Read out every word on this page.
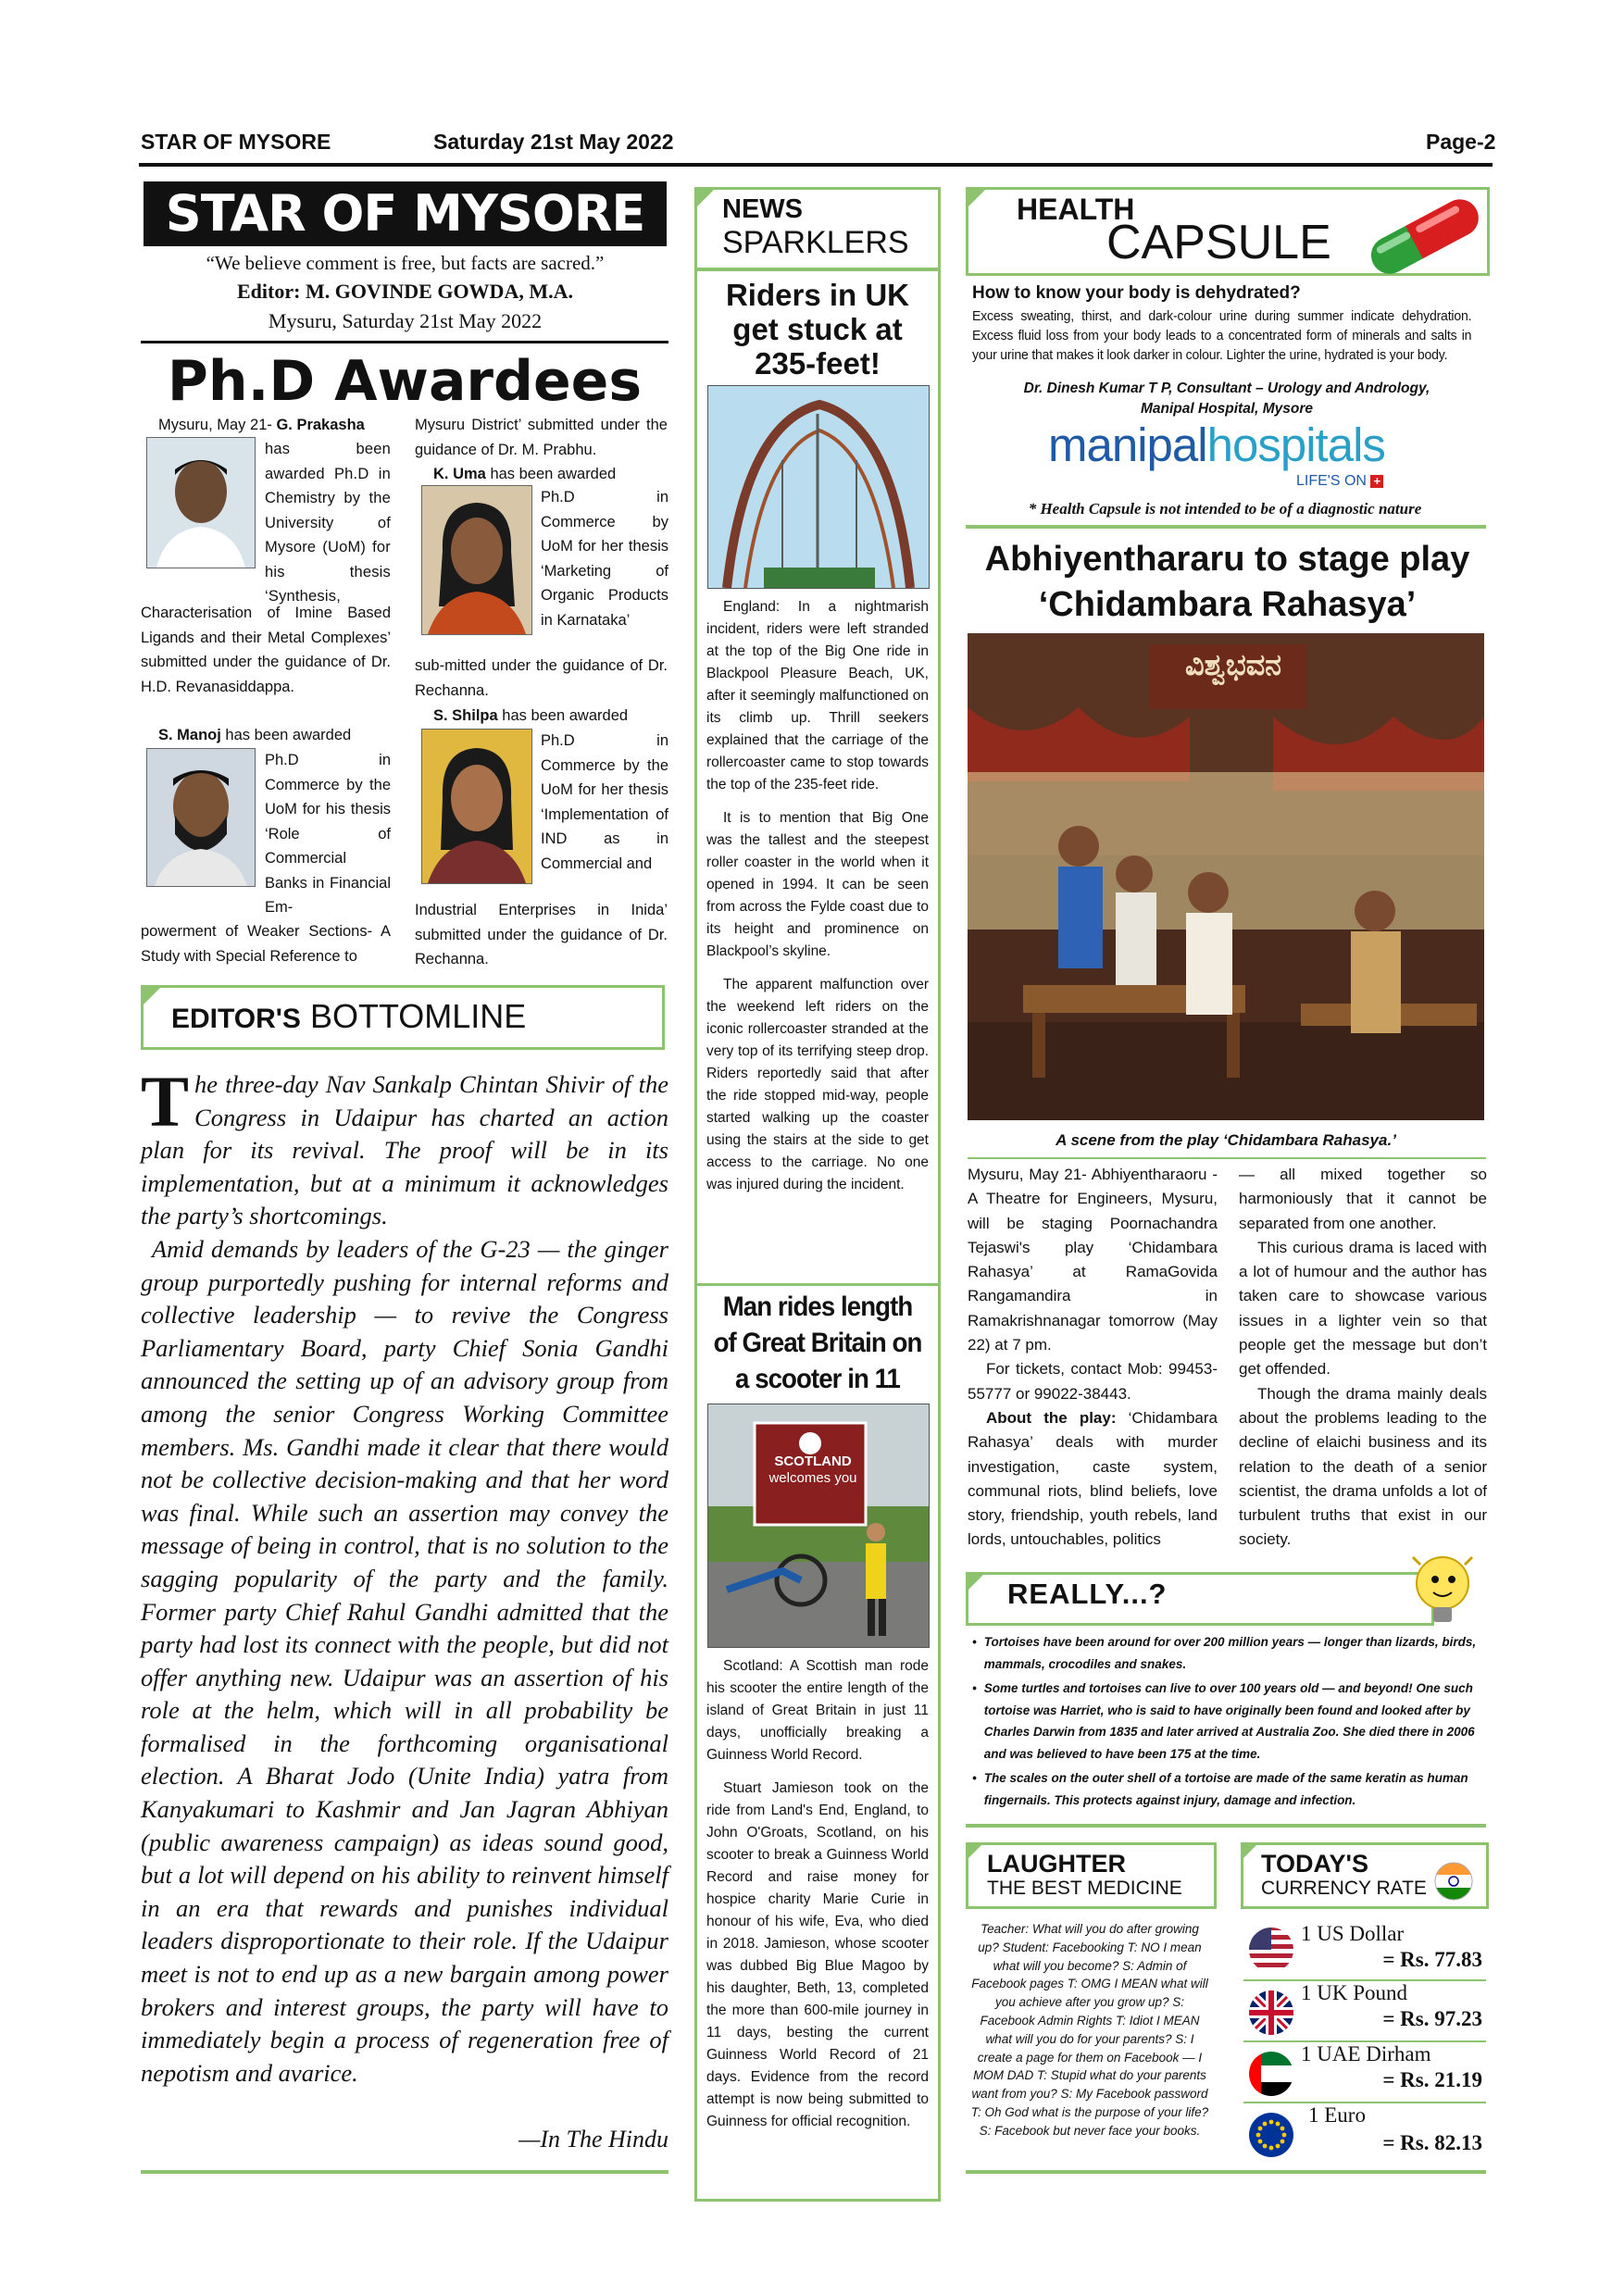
STAR OF MYSORE	Saturday 21st May 2022	Page-2
STAR OF MYSORE
“We believe comment is free, but facts are sacred.”
Editor: M. GOVINDE GOWDA, M.A.
Mysuru, Saturday 21st May 2022
Ph.D Awardees
Mysuru, May 21- G. Prakasha
has been awarded Ph.D in Chemistry by the University of Mysore (UoM) for his thesis ‘Synthesis,
Characterisation of Imine Based Ligands and their Metal Complexes’ submitted under the guidance of Dr. H.D. Revanasiddappa.
S. Manoj has been awarded
Ph.D in Commerce by the UoM for his thesis ‘Role of Commercial Banks in Financial Em-
powerment of Weaker Sections- A Study with Special Reference to
Mysuru District’ submitted under the guidance of Dr. M. Prabhu.
K. Uma has been awarded
Ph.D in Commerce by UoM for her thesis ‘Marketing of Organic Products in Karnataka’
sub-mitted under the guidance of Dr. Rechanna.
S. Shilpa has been awarded
Ph.D in Commerce by the UoM for her thesis ‘Implementation of IND as in Commercial and
Industrial Enterprises in Inida’ submitted under the guidance of Dr. Rechanna.
EDITOR'S BOTTOMLINE

The three-day Nav Sankalp Chintan Shivir of the Congress in Udaipur has charted an action plan for its revival. The proof will be in its implementation, but at a minimum it acknowledges the party’s shortcomings.

Amid demands by leaders of the G-23 — the ginger group purportedly pushing for internal reforms and collective leadership — to revive the Congress Parliamentary Board, party Chief Sonia Gandhi announced the setting up of an advisory group from among the senior Congress Working Committee members. Ms. Gandhi made it clear that there would not be collective decision-making and that her word was final. While such an assertion may convey the message of being in control, that is no solution to the sagging popularity of the party and the family. Former party Chief Rahul Gandhi admitted that the party had lost its connect with the people, but did not offer anything new. Udaipur was an assertion of his role at the helm, which will in all probability be formalised in the forthcoming organisational election. A Bharat Jodo (Unite India) yatra from Kanyakumari to Kashmir and Jan Jagran Abhiyan (public awareness campaign) as ideas sound good, but a lot will depend on his ability to reinvent himself in an era that rewards and punishes individual leaders disproportionate to their role. If the Udaipur meet is not to end up as a new bargain among power brokers and interest groups, the party will have to immediately begin a process of regeneration free of nepotism and avarice.

—In The Hindu
NEWS
SPARKLERS
Riders in UK get stuck at 235-feet!

England: In a nightmarish incident, riders were left stranded at the top of the Big One ride in Blackpool Pleasure Beach, UK, after it seemingly malfunctioned on its climb up. Thrill seekers explained that the carriage of the rollercoaster came to stop towards the top of the 235-feet ride.

It is to mention that Big One was the tallest and the steepest roller coaster in the world when it opened in 1994. It can be seen from across the Fylde coast due to its height and prominence on Blackpool’s skyline.

The apparent malfunction over the weekend left riders on the iconic rollercoaster stranded at the very top of its terrifying steep drop. Riders reportedly said that after the ride stopped mid-way, people started walking up the coaster using the stairs at the side to get access to the carriage. No one was injured during the incident.

Man rides length of Great Britain on a scooter in 11
SCOTLAND
welcomes you

Scotland: A Scottish man rode his scooter the entire length of the island of Great Britain in just 11 days, unofficially breaking a Guinness World Record.

Stuart Jamieson took on the ride from Land's End, England, to John O'Groats, Scotland, on his scooter to break a Guinness World Record and raise money for hospice charity Marie Curie in honour of his wife, Eva, who died in 2018. Jamieson, whose scooter was dubbed Big Blue Magoo by his daughter, Beth, 13, completed the more than 600-mile journey in 11 days, besting the current Guinness World Record of 21 days. Evidence from the record attempt is now being submitted to Guinness for official recognition.

HEALTH
CAPSULE
How to know your body is dehydrated?
Excess sweating, thirst, and dark-colour urine during summer indicate dehydration. Excess fluid loss from your body leads to a concentrated form of minerals and salts in your urine that makes it look darker in colour. Lighter the urine, hydrated is your body.
Dr. Dinesh Kumar T P, Consultant – Urology and Andrology,
Manipal Hospital, Mysore
manipalhospitals
LIFE'S ON +
* Health Capsule is not intended to be of a diagnostic nature
Abhiyenthararu to stage play
‘Chidambara Rahasya’
ವಿಶ್ವಭವನ
A scene from the play ‘Chidambara Rahasya.’

Mysuru, May 21- Abhiyentharaoru - A Theatre for Engineers, Mysuru, will be staging Poornachandra Tejaswi's play ‘Chidambara Rahasya’ at RamaGovida Rangamandira in Ramakrishnanagar tomorrow (May 22) at 7 pm.

For tickets, contact Mob: 99453-55777 or 99022-38443.

About the play: ‘Chidambara Rahasya’ deals with murder investigation, caste system, communal riots, blind beliefs, love story, friendship, youth rebels, land lords, untouchables, politics

— all mixed together so harmoniously that it cannot be separated from one another.

This curious drama is laced with a lot of humour and the author has taken care to showcase various issues in a lighter vein so that people get the message but don’t get offended.

Though the drama mainly deals about the problems leading to the decline of elaichi business and its relation to the death of a senior scientist, the drama unfolds a lot of turbulent truths that exist in our society.

REALLY...?
• Tortoises have been around for over 200 million years — longer than lizards, birds, mammals, crocodiles and snakes.
• Some turtles and tortoises can live to over 100 years old — and beyond! One such tortoise was Harriet, who is said to have originally been found and looked after by Charles Darwin from 1835 and later arrived at Australia Zoo. She died there in 2006 and was believed to have been 175 at the time.
• The scales on the outer shell of a tortoise are made of the same keratin as human fingernails. This protects against injury, damage and infection.
LAUGHTER
THE BEST MEDICINE
Teacher: What will you do after growing up? Student: Facebooking T: NO I mean what will you become? S: Admin of Facebook pages T: OMG I MEAN what will you achieve after you grow up? S: Facebook Admin Rights T: Idiot I MEAN what will you do for your parents? S: I create a page for them on Facebook — I MOM DAD T: Stupid what do your parents want from you? S: My Facebook password T: Oh God what is the purpose of your life? S: Facebook but never face your books.
TODAY'S
CURRENCY RATE
1 US Dollar
= Rs. 77.83
1 UK Pound
= Rs. 97.23
1 UAE Dirham
= Rs. 21.19
1 Euro
= Rs. 82.13
